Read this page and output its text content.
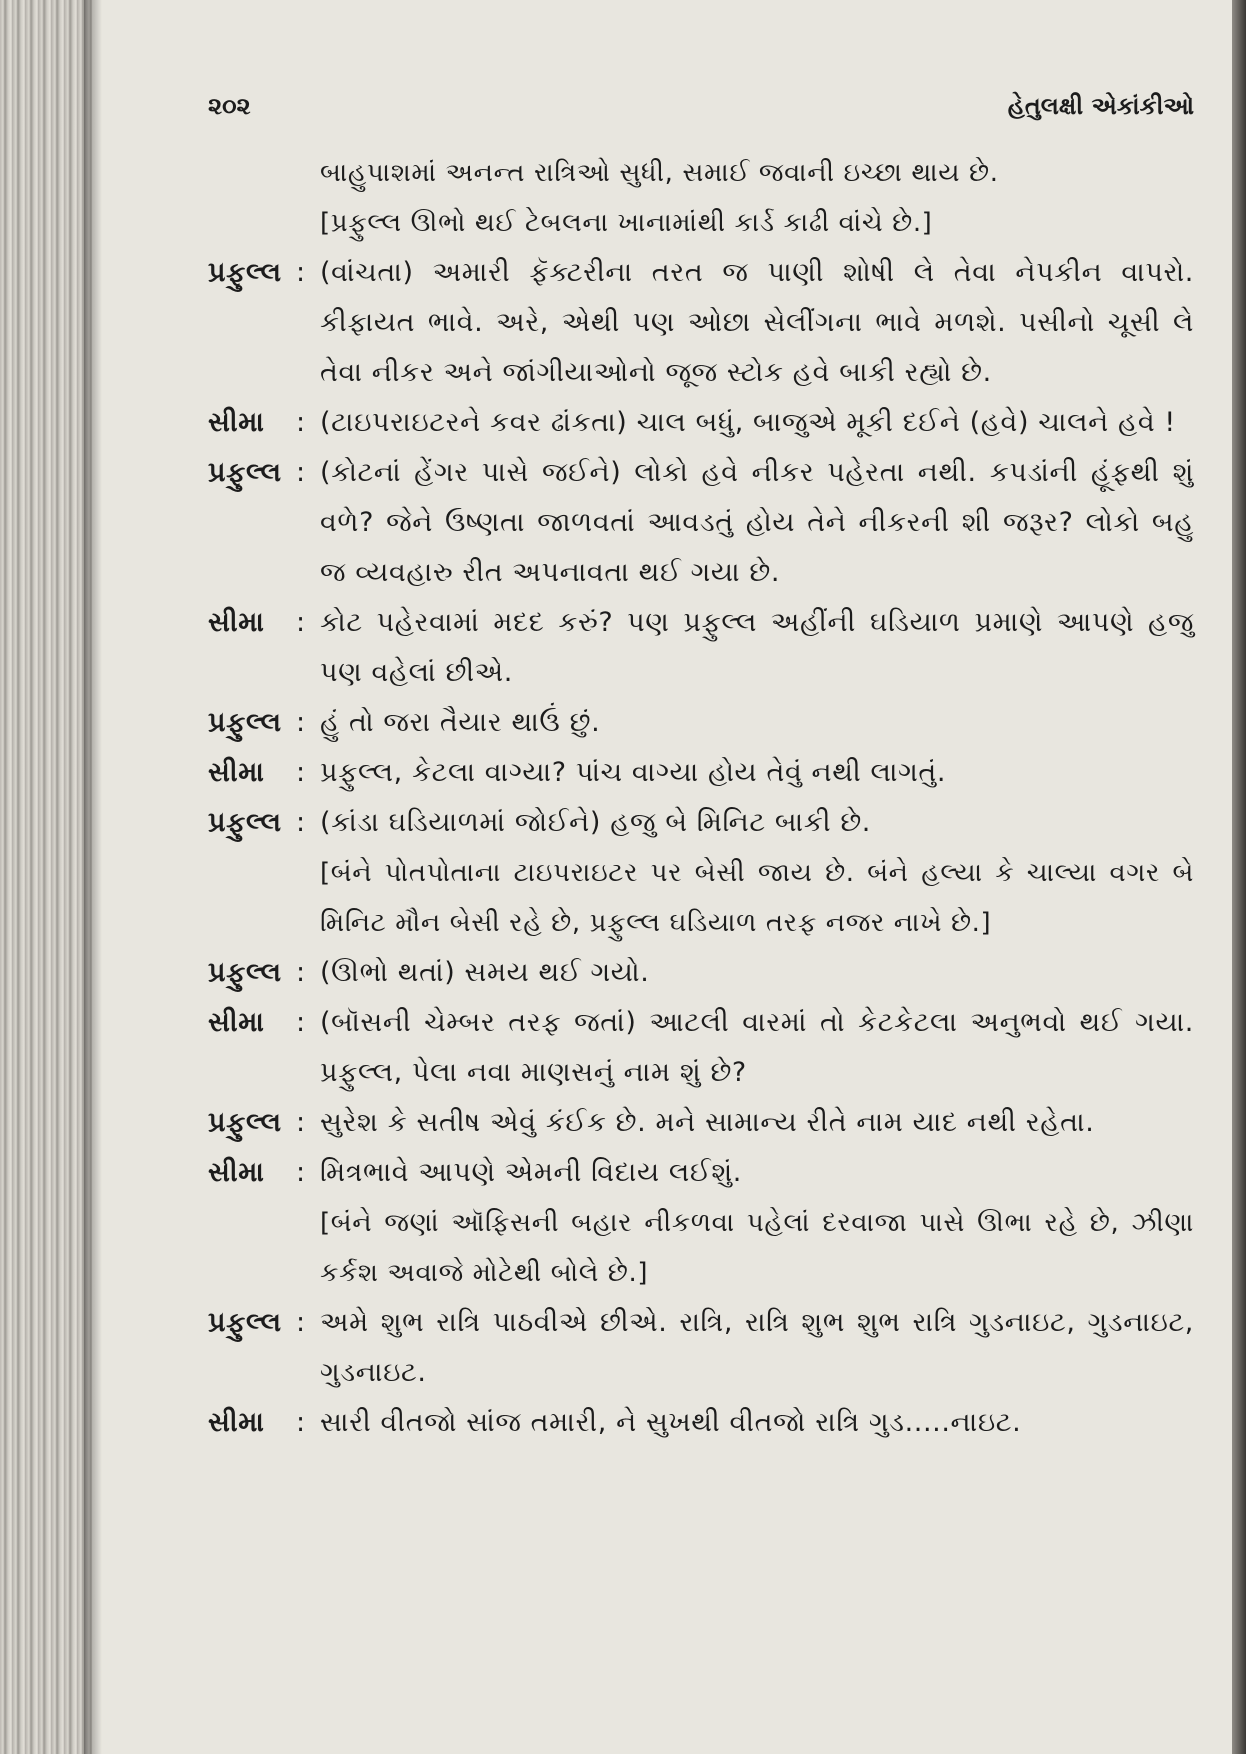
૨૦૨	હેતુલક્ષી એકાંકીઓ
બાહુપાશમાં અનન્ત રાત્રિઓ સુધી, સમાઈ જવાની ઇચ્છા થાય છે.
[પ્રફુલ્લ ઊભો થઈ ટેબલના ખાનામાંથી કાર્ડ કાઢી વાંચે છે.]
પ્રફુલ્લ : (વાંચતા) અમારી ફૅક્ટરીના તરત જ પાણી શોષી લે તેવા નેપકીન વાપરો. કીફાયત ભાવે. અરે, એથી પણ ઓછા સેલીંગના ભાવે મળશે. પસીનો ચૂસી લે તેવા નીકર અને જાંગીયાઓનો જૂજ સ્ટોક હવે બાકી રહ્યો છે.
સીમા	: (ટાઇપરાઇટરને કવર ઢાંકતા) ચાલ બધું, બાજુએ મૂકી દઈને (હવે) ચાલને હવે !
પ્રફુલ્લ : (કોટનાં હેંગર પાસે જઈને) લોકો હવે નીકર પહેરતા નથી. કપડાંની હૂંફથી શું વળે? જેને ઉષ્ણતા જાળવતાં આવડતું હોય તેને નીકરની શી જરૂર? લોકો બહુ જ વ્યવહારુ રીત અપનાવતા થઈ ગયા છે.
સીમા	: કોટ પહેરવામાં મદદ કરું? પણ પ્રફુલ્લ અહીંની ઘડિયાળ પ્રમાણે આપણે હજુ પણ વહેલાં છીએ.
પ્રફુલ્લ : હું તો જરા તૈયાર થાઉં છું.
સીમા	: પ્રફુલ્લ, કેટલા વાગ્યા? પાંચ વાગ્યા હોય તેવું નથી લાગતું.
પ્રફુલ્લ : (કાંડા ઘડિયાળમાં જોઈને) હજુ બે મિનિટ બાકી છે.
[બંને પોતપોતાના ટાઇપરાઇટર પર બેસી જાય છે. બંને હલ્યા કે ચાલ્યા વગર બે મિનિટ મૌન બેસી રહે છે, પ્રફુલ્લ ઘડિયાળ તરફ નજર નાખે છે.]
પ્રફુલ્લ : (ઊભો થતાં) સમય થઈ ગયો.
સીમા	: (બૉસની ચેમ્બર તરફ જતાં) આટલી વારમાં તો કેટકેટલા અનુભવો થઈ ગયા. પ્રફુલ્લ, પેલા નવા માણસનું નામ શું છે?
પ્રફુલ્લ : સુરેશ કે સતીષ એવું કંઈક છે. મને સામાન્ય રીતે નામ યાદ નથી રહેતા.
સીમા	: મિત્રભાવે આપણે એમની વિદાય લઈશું.
[બંને જણાં ઑફિસની બહાર નીકળવા પહેલાં દરવાજા પાસે ઊભા રહે છે, ઝીણા કર્કશ અવાજે મોટેથી બોલે છે.]
પ્રફુલ્લ : અમે શુભ રાત્રિ પાઠવીએ છીએ. રાત્રિ, રાત્રિ શુભ શુભ રાત્રિ ગુડનાઇટ, ગુડનાઇટ, ગુડનાઇટ.
સીમા	: સારી વીતજો સાંજ તમારી, ને સુખથી વીતજો રાત્રિ ગુડ.....નાઇટ.
